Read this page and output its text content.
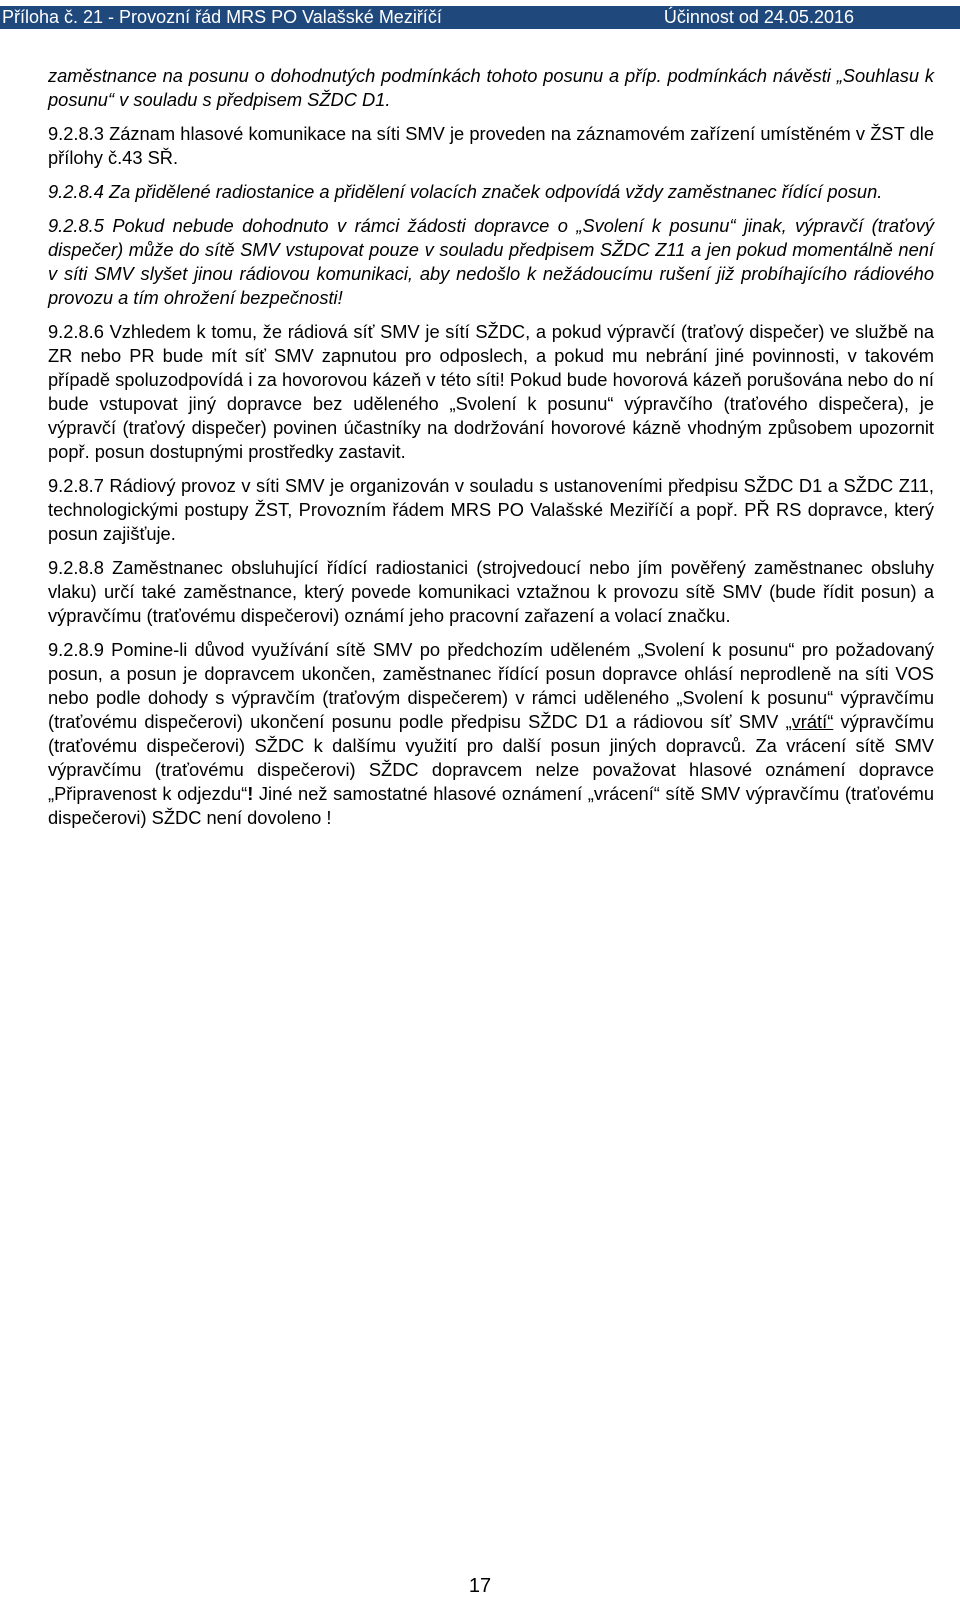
Příloha č. 21 - Provozní řád MRS PO Valašské Meziříčí	Účinnost od 24.05.2016

zaměstnance na posunu o dohodnutých podmínkách tohoto posunu a příp. podmínkách návěsti „Souhlasu k posunu“ v souladu s předpisem SŽDC D1.

9.2.8.3 Záznam hlasové komunikace na síti SMV je proveden na záznamovém zařízení umístěném v ŽST dle přílohy č.43 SŘ.

9.2.8.4 Za přidělené radiostanice a přidělení volacích značek odpovídá vždy zaměstnanec řídící posun.

9.2.8.5 Pokud nebude dohodnuto v rámci žádosti dopravce o „Svolení k posunu“ jinak, výpravčí (traťový dispečer) může do sítě SMV vstupovat pouze v souladu předpisem SŽDC Z11 a jen pokud momentálně není v síti SMV slyšet jinou rádiovou komunikaci, aby nedošlo k nežádoucímu rušení již probíhajícího rádiového provozu a tím ohrožení bezpečnosti!

9.2.8.6 Vzhledem k tomu, že rádiová síť SMV je sítí SŽDC, a pokud výpravčí (traťový dispečer) ve službě na ZR nebo PR bude mít síť SMV zapnutou pro odposlech, a pokud mu nebrání jiné povinnosti, v takovém případě spoluzodpovídá i za hovorovou kázeň v této síti! Pokud bude hovorová kázeň porušována nebo do ní bude vstupovat jiný dopravce bez uděleného „Svolení k posunu“ výpravčího (traťového dispečera), je výpravčí (traťový dispečer) povinen účastníky na dodržování hovorové kázně vhodným způsobem upozornit popř. posun dostupnými prostředky zastavit.

9.2.8.7 Rádiový provoz v síti SMV je organizován v souladu s ustanoveními předpisu SŽDC D1 a SŽDC Z11, technologickými postupy ŽST, Provozním řádem MRS PO Valašské Meziříčí a popř. PŘ RS dopravce, který posun zajišťuje.

9.2.8.8 Zaměstnanec obsluhující řídící radiostanici (strojvedoucí nebo jím pověřený zaměstnanec obsluhy vlaku) určí také zaměstnance, který povede komunikaci vztažnou k provozu sítě SMV (bude řídit posun) a výpravčímu (traťovému dispečerovi) oznámí jeho pracovní zařazení a volací značku.

9.2.8.9 Pomine-li důvod využívání sítě SMV po předchozím uděleném „Svolení k posunu“ pro požadovaný posun, a posun je dopravcem ukončen, zaměstnanec řídící posun dopravce ohlásí neprodleně na síti VOS nebo podle dohody s výpravčím (traťovým dispečerem) v rámci uděleného „Svolení k posunu“ výpravčímu (traťovému dispečerovi) ukončení posunu podle předpisu SŽDC D1 a rádiovou síť SMV „vrátí“ výpravčímu (traťovému dispečerovi) SŽDC k dalšímu využití pro další posun jiných dopravců. Za vrácení sítě SMV výpravčímu (traťovému dispečerovi) SŽDC dopravcem nelze považovat hlasové oznámení dopravce „Připravenost k odjezdu“! Jiné než samostatné hlasové oznámení „vrácení“ sítě SMV výpravčímu (traťovému dispečerovi) SŽDC není dovoleno !

17
